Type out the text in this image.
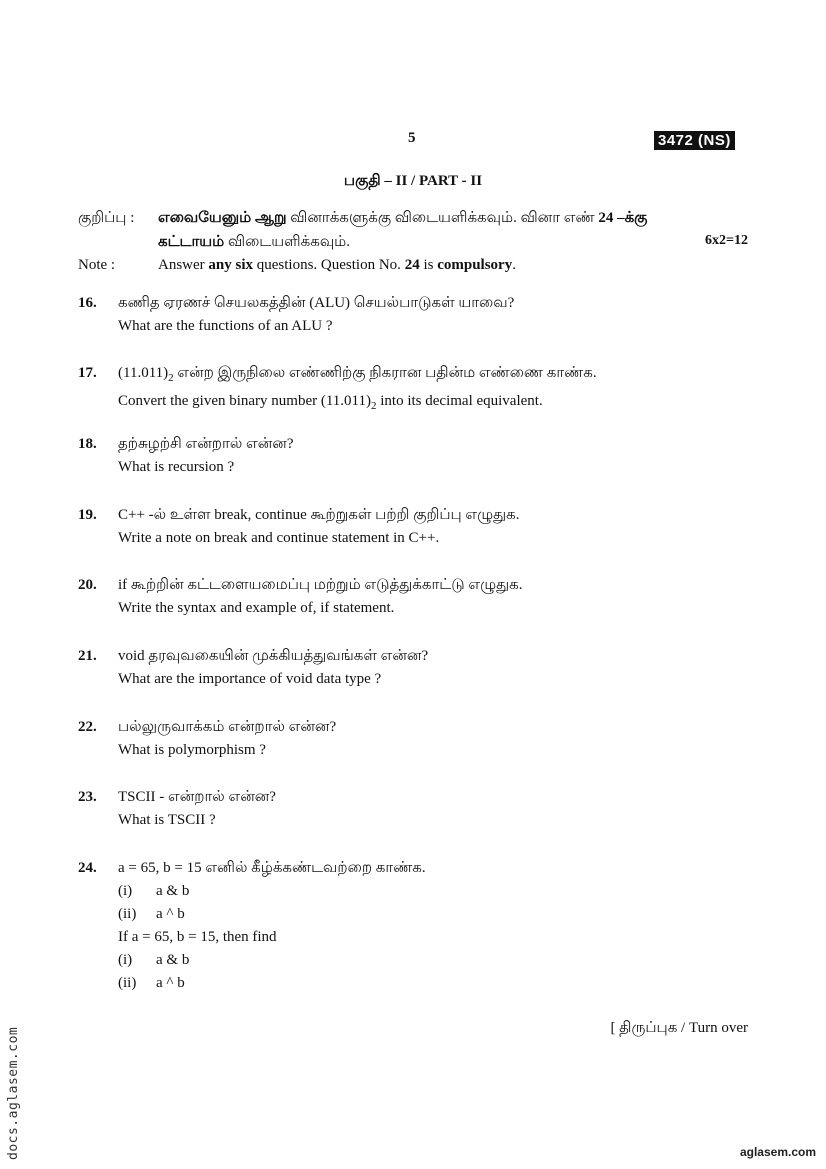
5	3472 (NS)
பகுதி – II / PART - II
குறிப்பு : எவையேனும் ஆறு வினாக்களுக்கு விடையளிக்கவும். வினா எண் 24 –க்கு
கட்டாயம் விடையளிக்கவும்.	6x2=12
Note :	Answer any six questions. Question No. 24 is compulsory.
16. கணித ஏரணச் செயலகத்தின் (ALU) செயல்பாடுகள் யாவை?
What are the functions of an ALU ?
17. $(11.011)_2$ என்ற இருநிலை எண்ணிற்கு நிகரான பதின்ம எண்ணை காண்க.
Convert the given binary number $(11.011)_2$ into its decimal equivalent.
18. தற்சுழற்சி என்றால் என்ன?
What is recursion ?
19. C++ -ல் உள்ள break, continue கூற்றுகள் பற்றி குறிப்பு எழுதுக.
Write a note on break and continue statement in C++.
20. if கூற்றின் கட்டளையமைப்பு மற்றும் எடுத்துக்காட்டு எழுதுக.
Write the syntax and example of, if statement.
21. void தரவுவகையின் முக்கியத்துவங்கள் என்ன?
What are the importance of void data type ?
22. பல்லுருவாக்கம் என்றால் என்ன?
What is polymorphism ?
23. TSCII - என்றால் என்ன?
What is TSCII ?
24. a = 65, b = 15 எனில் கீழ்க்கண்டவற்றை காண்க.
(i)	a & b
(ii)	a ^ b
If a = 65, b = 15, then find
(i)	a & b
(ii)	a ^ b
[ திருப்புக / Turn over
docs.aglasem.com	aglasem.com
